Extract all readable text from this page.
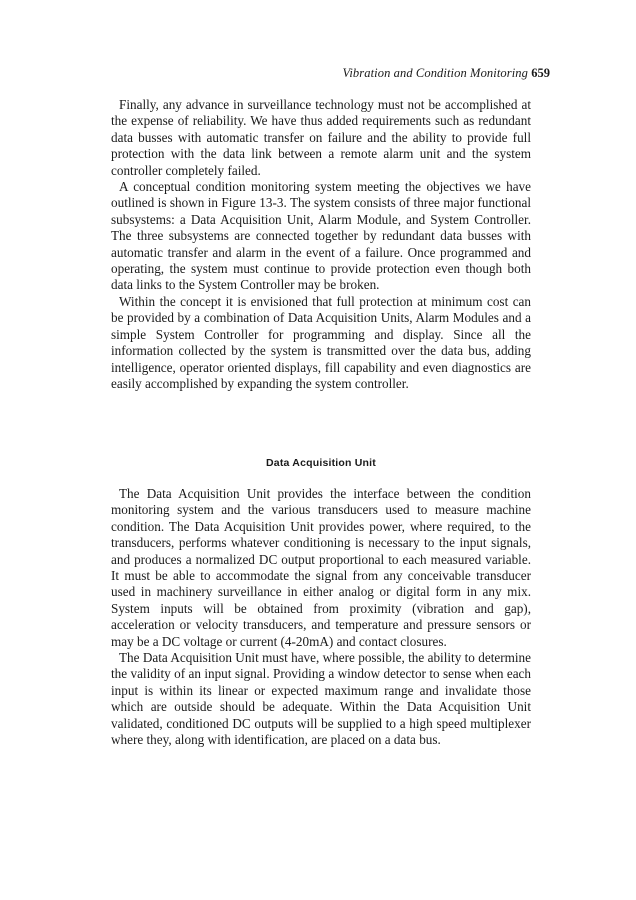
Vibration and Condition Monitoring 659

Finally, any advance in surveillance technology must not be accomplished at the expense of reliability. We have thus added requirements such as redundant data busses with automatic transfer on failure and the ability to provide full protection with the data link between a remote alarm unit and the system controller completely failed.

A conceptual condition monitoring system meeting the objectives we have outlined is shown in Figure 13-3. The system consists of three major functional subsystems: a Data Acquisition Unit, Alarm Module, and System Controller. The three subsystems are connected together by redundant data busses with automatic transfer and alarm in the event of a failure. Once programmed and operating, the system must continue to provide protection even though both data links to the System Controller may be broken.

Within the concept it is envisioned that full protection at minimum cost can be provided by a combination of Data Acquisition Units, Alarm Modules and a simple System Controller for programming and display. Since all the information collected by the system is transmitted over the data bus, adding intelligence, operator oriented displays, fill capability and even diagnostics are easily accomplished by expanding the system controller.

Data Acquisition Unit

The Data Acquisition Unit provides the interface between the condition monitoring system and the various transducers used to measure machine condition. The Data Acquisition Unit provides power, where required, to the transducers, performs whatever conditioning is necessary to the input signals, and produces a normalized DC output proportional to each measured variable. It must be able to accommodate the signal from any conceivable transducer used in machinery surveillance in either analog or digital form in any mix. System inputs will be obtained from proximity (vibration and gap), acceleration or velocity transducers, and temperature and pressure sensors or may be a DC voltage or current (4-20mA) and contact closures.

The Data Acquisition Unit must have, where possible, the ability to determine the validity of an input signal. Providing a window detector to sense when each input is within its linear or expected maximum range and invalidate those which are outside should be adequate. Within the Data Acquisition Unit validated, conditioned DC outputs will be supplied to a high speed multiplexer where they, along with identification, are placed on a data bus.
